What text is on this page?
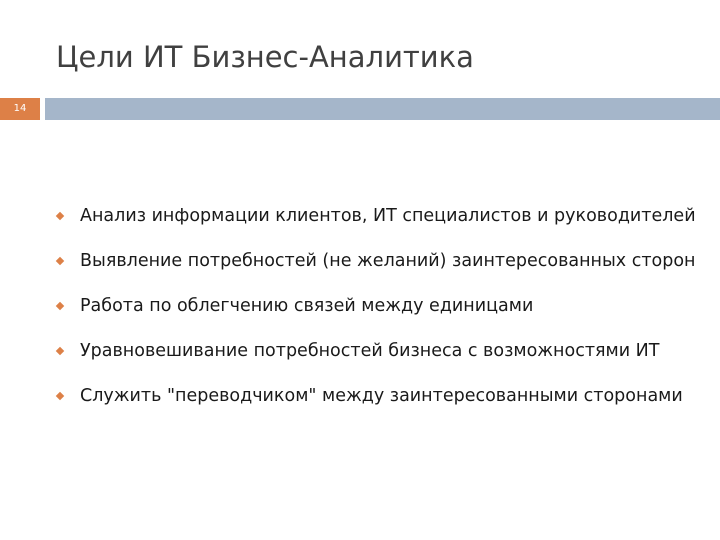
Цели ИТ Бизнес-Аналитика
14
Анализ информации клиентов, ИТ специалистов и руководителей
Выявление потребностей (не желаний) заинтересованных сторон
Работа по облегчению связей между единицами
Уравновешивание потребностей бизнеса с возможностями ИТ
Служить "переводчиком" между заинтересованными сторонами
